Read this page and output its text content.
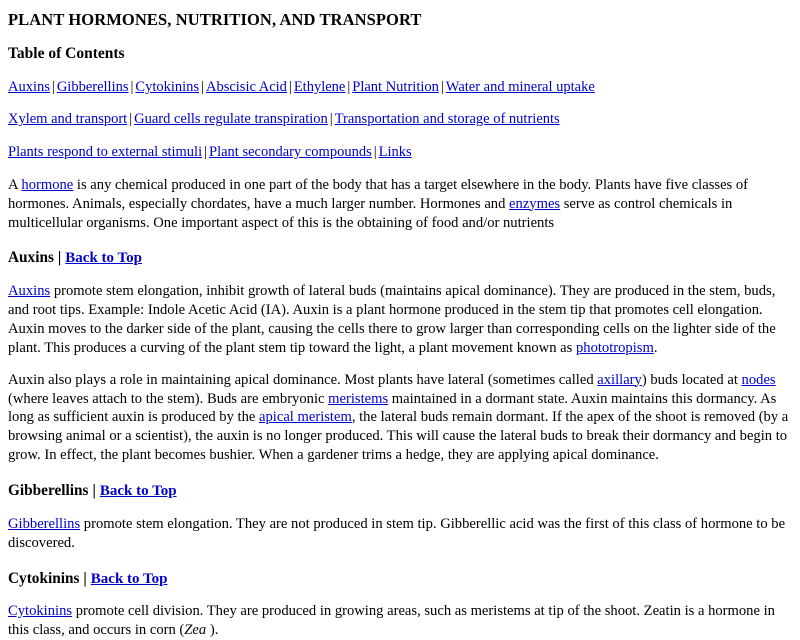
PLANT HORMONES, NUTRITION, AND TRANSPORT
Table of Contents
Auxins | Gibberellins | Cytokinins | Abscisic Acid | Ethylene | Plant Nutrition | Water and mineral uptake
Xylem and transport | Guard cells regulate transpiration | Transportation and storage of nutrients
Plants respond to external stimuli | Plant secondary compounds | Links

A hormone is any chemical produced in one part of the body that has a target elsewhere in the body. Plants have five classes of hormones. Animals, especially chordates, have a much larger number. Hormones and enzymes serve as control chemicals in multicellular organisms. One important aspect of this is the obtaining of food and/or nutrients

Auxins | Back to Top

Auxins promote stem elongation, inhibit growth of lateral buds (maintains apical dominance). They are produced in the stem, buds, and root tips. Example: Indole Acetic Acid (IA). Auxin is a plant hormone produced in the stem tip that promotes cell elongation. Auxin moves to the darker side of the plant, causing the cells there to grow larger than corresponding cells on the lighter side of the plant. This produces a curving of the plant stem tip toward the light, a plant movement known as phototropism.

Auxin also plays a role in maintaining apical dominance. Most plants have lateral (sometimes called axillary) buds located at nodes (where leaves attach to the stem). Buds are embryonic meristems maintained in a dormant state. Auxin maintains this dormancy. As long as sufficient auxin is produced by the apical meristem, the lateral buds remain dormant. If the apex of the shoot is removed (by a browsing animal or a scientist), the auxin is no longer produced. This will cause the lateral buds to break their dormancy and begin to grow. In effect, the plant becomes bushier. When a gardener trims a hedge, they are applying apical dominance.

Gibberellins | Back to Top

Gibberellins promote stem elongation. They are not produced in stem tip. Gibberellic acid was the first of this class of hormone to be discovered.

Cytokinins | Back to Top

Cytokinins promote cell division. They are produced in growing areas, such as meristems at tip of the shoot. Zeatin is a hormone in this class, and occurs in corn (Zea ).
